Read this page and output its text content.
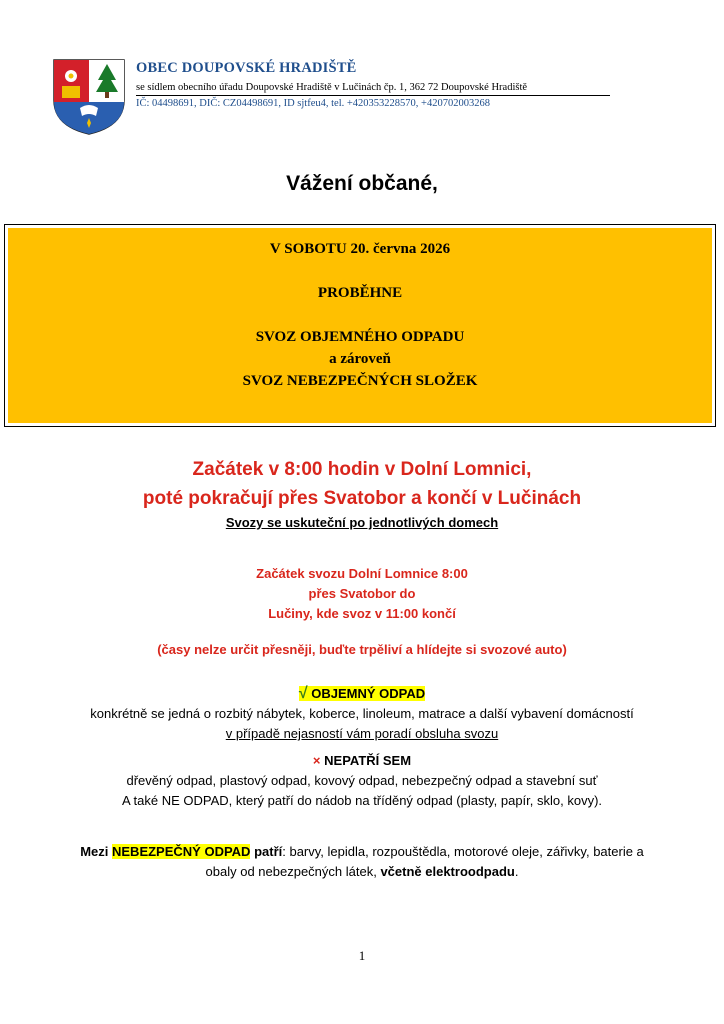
OBEC DOUPOVSKÉ HRADIŠTĚ
se sídlem obecního úřadu Doupovské Hradiště v Lučinách čp. 1, 362 72 Doupovské Hradiště
IČ: 04498691, DIČ: CZ04498691, ID sjtfeu4, tel. +420353228570, +420702003268
Vážení občané,
V SOBOTU 20. června 2026
PROBĚHNE
SVOZ OBJEMNÉHO ODPADU
a zároveň
SVOZ NEBEZPEČNÝCH SLOŽEK
Začátek v 8:00 hodin v Dolní Lomnici,
poté pokračují přes Svatobor a končí v Lučinách
Svozy se uskuteční po jednotlivých domech
Začátek svozu Dolní Lomnice 8:00
přes Svatobor do
Lučiny, kde svoz v 11:00 končí
(časy nelze určit přesněji, buďte trpěliví a hlídejte si svozové auto)
√ OBJEMNÝ ODPAD
konkrétně se jedná o rozbitý nábytek, koberce, linoleum, matrace a další vybavení domácností
v případě nejasností vám poradí obsluha svozu
× NEPATŘÍ SEM
dřevěný odpad, plastový odpad, kovový odpad, nebezpečný odpad a stavební suť
A také NE ODPAD, který patří do nádob na tříděný odpad (plasty, papír, sklo, kovy).
Mezi NEBEZPEČNÝ ODPAD patří: barvy, lepidla, rozpouštědla, motorové oleje, zářivky, baterie a
obaly od nebezpečných látek, včetně elektroodpadu.
1
